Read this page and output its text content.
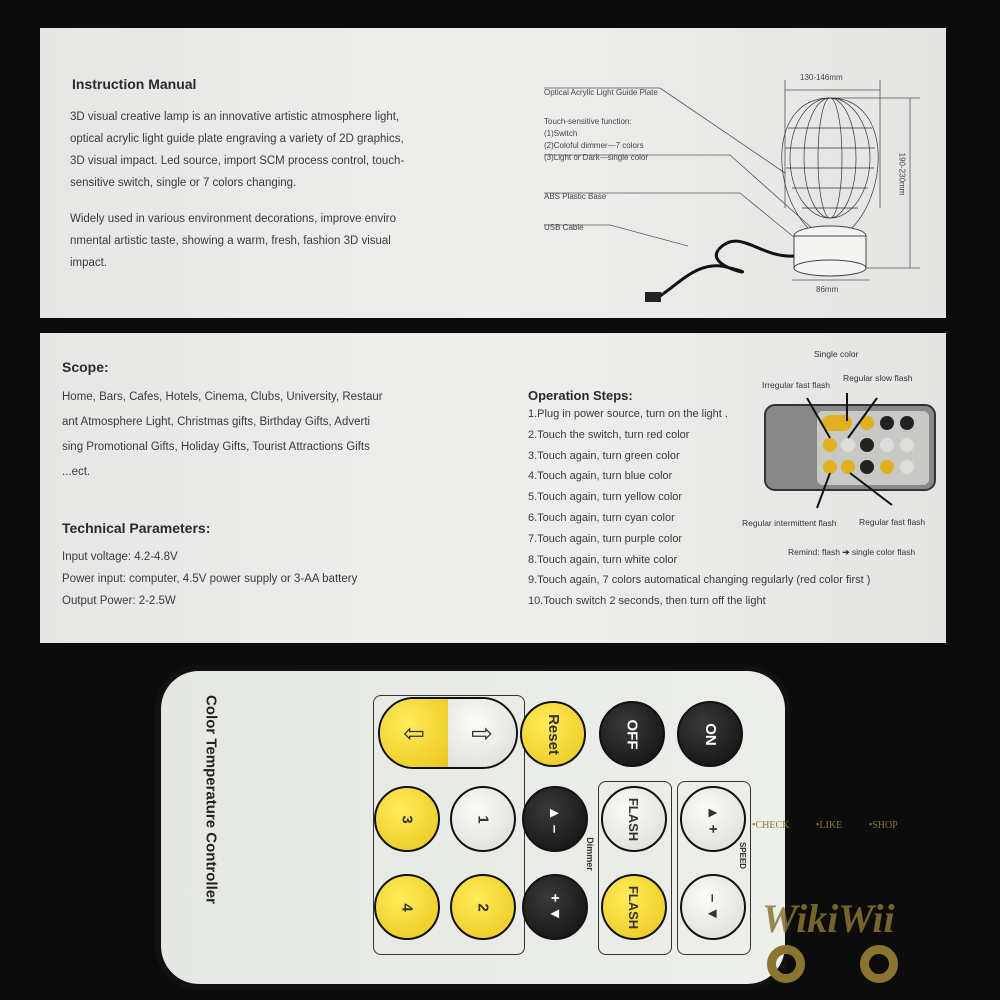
Instruction Manual
3D visual creative lamp is an innovative artistic atmosphere light,
optical acrylic light guide plate engraving a variety of 2D graphics,
3D visual impact. Led source, import SCM process control, touch-
sensitive switch, single or 7 colors changing.
Widely used in various environment decorations, improve enviro
nmental artistic taste, showing a warm, fresh, fashion 3D visual
impact.
Optical Acrylic Light Guide Plate
Touch-sensitive function:
(1)Switch
(2)Coloful dimmer—7 colors
(3)Light or Dark—single color
ABS Plastic Base
USB Cable
130-146mm
190-230mm
86mm
Scope:
Home, Bars, Cafes, Hotels, Cinema, Clubs, University, Restaur
ant Atmosphere Light, Christmas gifts, Birthday Gifts, Adverti
sing Promotional Gifts, Holiday Gifts, Tourist Attractions Gifts
...ect.
Technical Parameters:
Input voltage: 4.2-4.8V
Power input: computer, 4.5V power supply or 3-AA battery
Output Power: 2-2.5W
Operation Steps:
1.Plug in power source, turn on the light .
2.Touch the switch, turn red color
3.Touch again, turn green color
4.Touch again, turn blue color
5.Touch again, turn yellow color
6.Touch again, turn cyan color
7.Touch again, turn purple color
8.Touch again, turn white color
9.Touch again, 7 colors automatical changing regularly (red color first )
10.Touch switch 2 seconds, then turn off the light
Single color
Irregular fast flash
Regular slow flash
Regular intermittent flash	Regular fast flash
Remind: flash ➔ single color flash
Color Temperature Controller	⇦	⇨	Reset	OFF	ON
3	1	▲ –	FLASH	▲ +
4	2	+ ▼	FLASH	– ▼
Dimmer	SPEED
•CHECK	•LIKE	•SHOP
WikiWii
